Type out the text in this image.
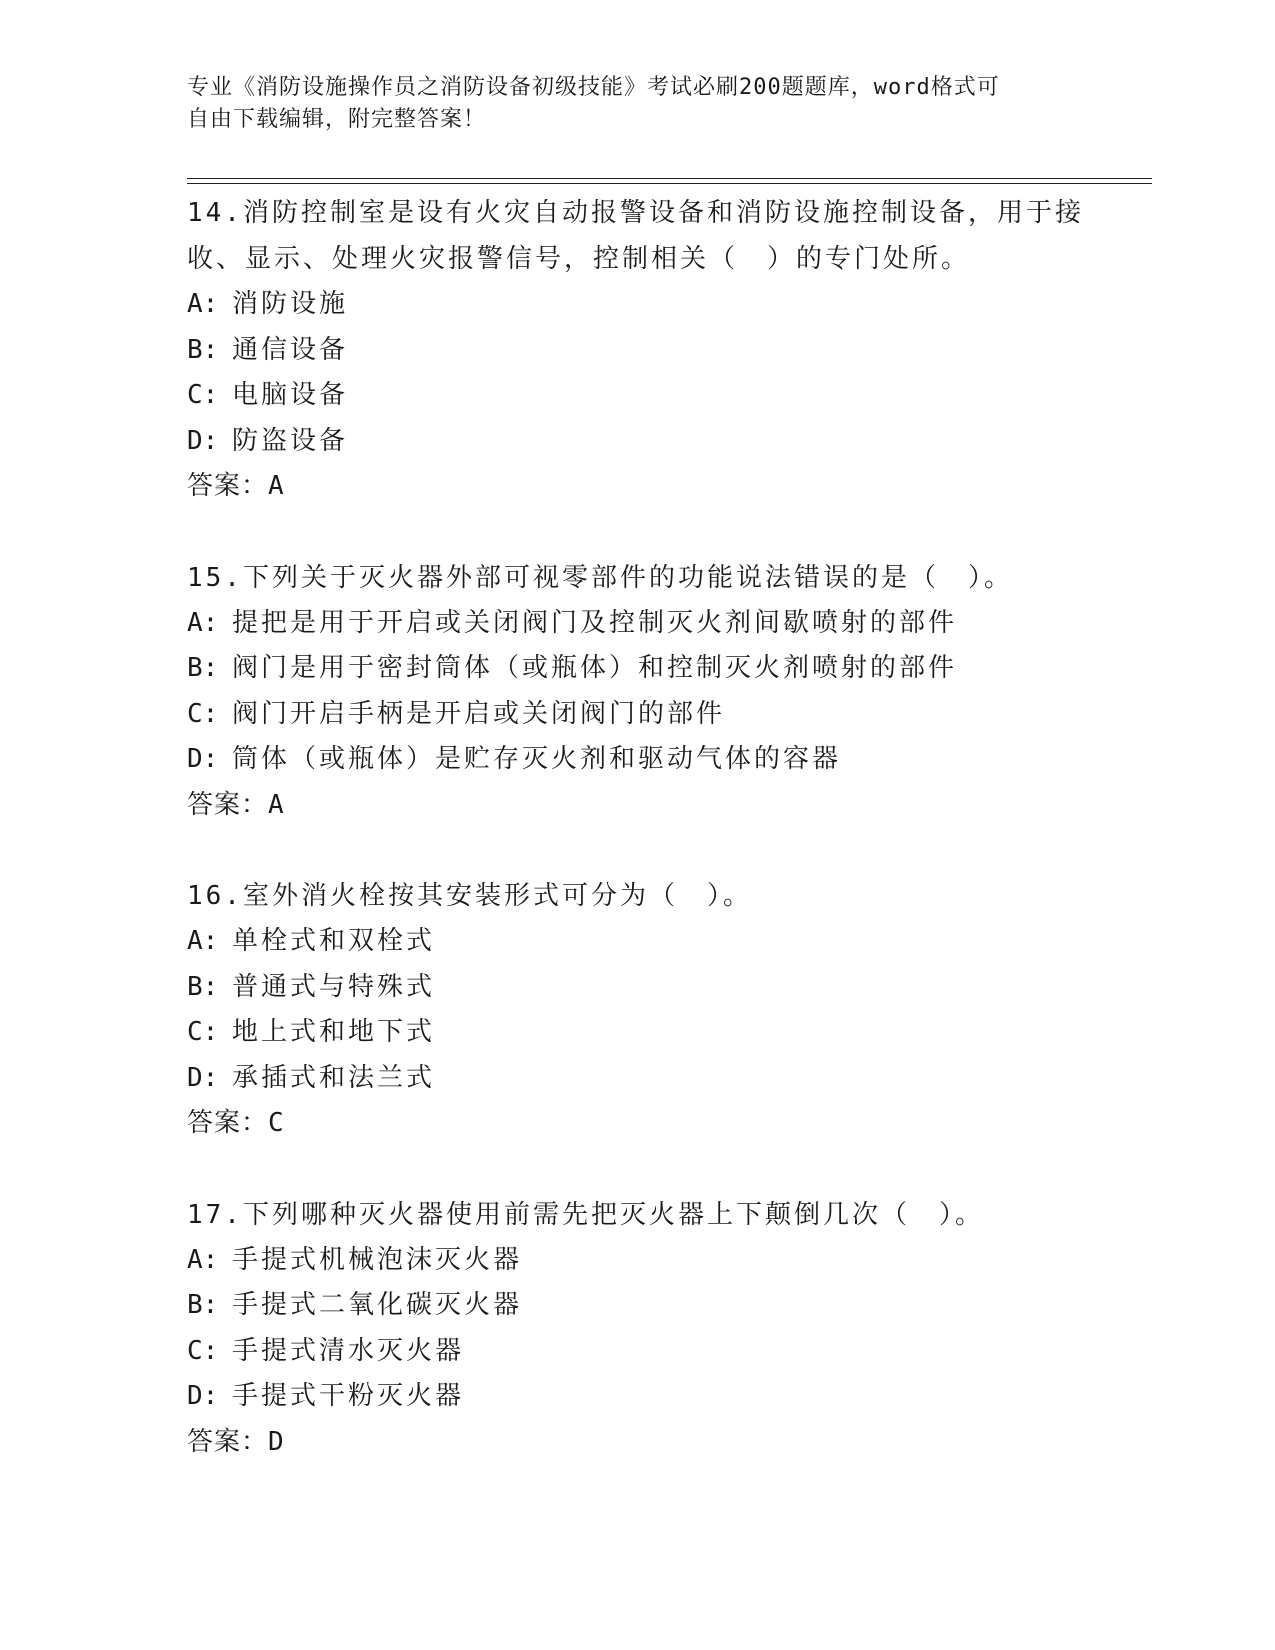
专业《消防设施操作员之消防设备初级技能》考试必刷200题题库，word格式可
自由下载编辑，附完整答案！

14.消防控制室是设有火灾自动报警设备和消防设施控制设备，用于接收、显示、处理火灾报警信号，控制相关（　）的专门处所。

A: 消防设施

B: 通信设备

C: 电脑设备

D: 防盗设备

答案：A

15.下列关于灭火器外部可视零部件的功能说法错误的是（　）。

A: 提把是用于开启或关闭阀门及控制灭火剂间歇喷射的部件

B: 阀门是用于密封筒体（或瓶体）和控制灭火剂喷射的部件

C: 阀门开启手柄是开启或关闭阀门的部件

D: 筒体（或瓶体）是贮存灭火剂和驱动气体的容器

答案：A

16.室外消火栓按其安装形式可分为（　）。

A: 单栓式和双栓式

B: 普通式与特殊式

C: 地上式和地下式

D: 承插式和法兰式

答案：C

17.下列哪种灭火器使用前需先把灭火器上下颠倒几次（　）。

A: 手提式机械泡沫灭火器

B: 手提式二氧化碳灭火器

C: 手提式清水灭火器

D: 手提式干粉灭火器

答案：D
